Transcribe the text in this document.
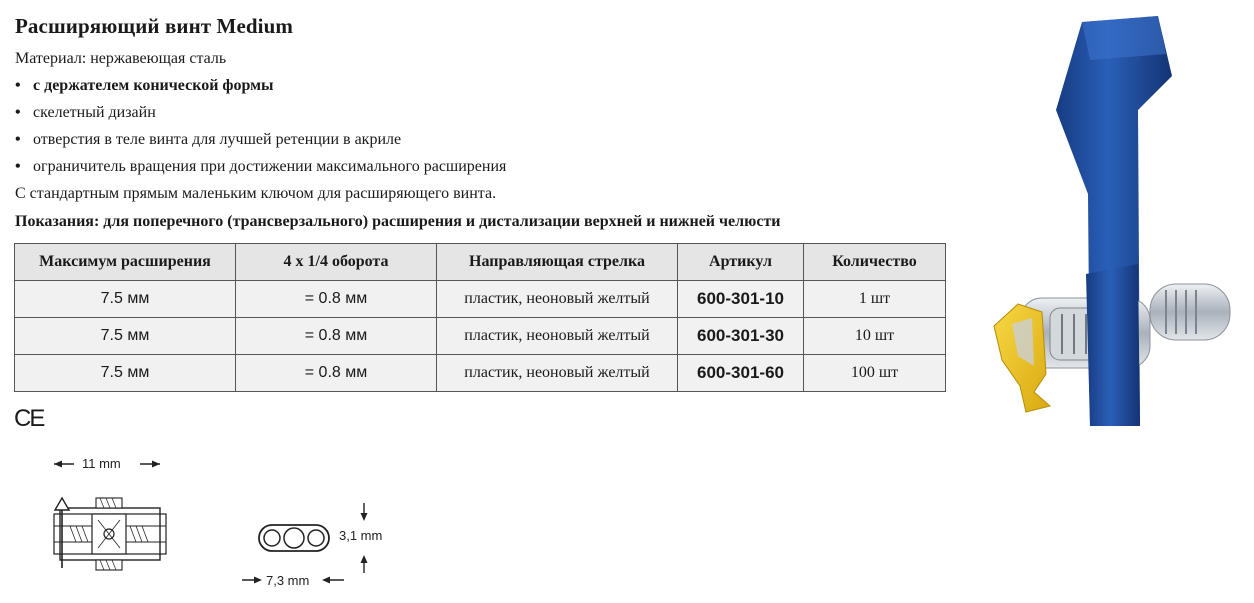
Расширяющий винт Medium
Материал: нержавеющая сталь
• с держателем конической формы
• скелетный дизайн
• отверстия в теле винта для лучшей ретенции в акриле
• ограничитель вращения при достижении максимального расширения
С стандартным прямым маленьким ключом для расширяющего винта.
Показания: для поперечного (трансверзального) расширения и дистализации верхней и нижней челюсти
Максимум расширения	4 x 1/4 оборота	Направляющая стрелка	Артикул	Количество
7.5 мм	= 0.8 мм	пластик, неоновый желтый	600-301-10	1 шт
7.5 мм	= 0.8 мм	пластик, неоновый желтый	600-301-30	10 шт
7.5 мм	= 0.8 мм	пластик, неоновый желтый	600-301-60	100 шт
CE
11 mm
3,1 mm
7,3 mm
